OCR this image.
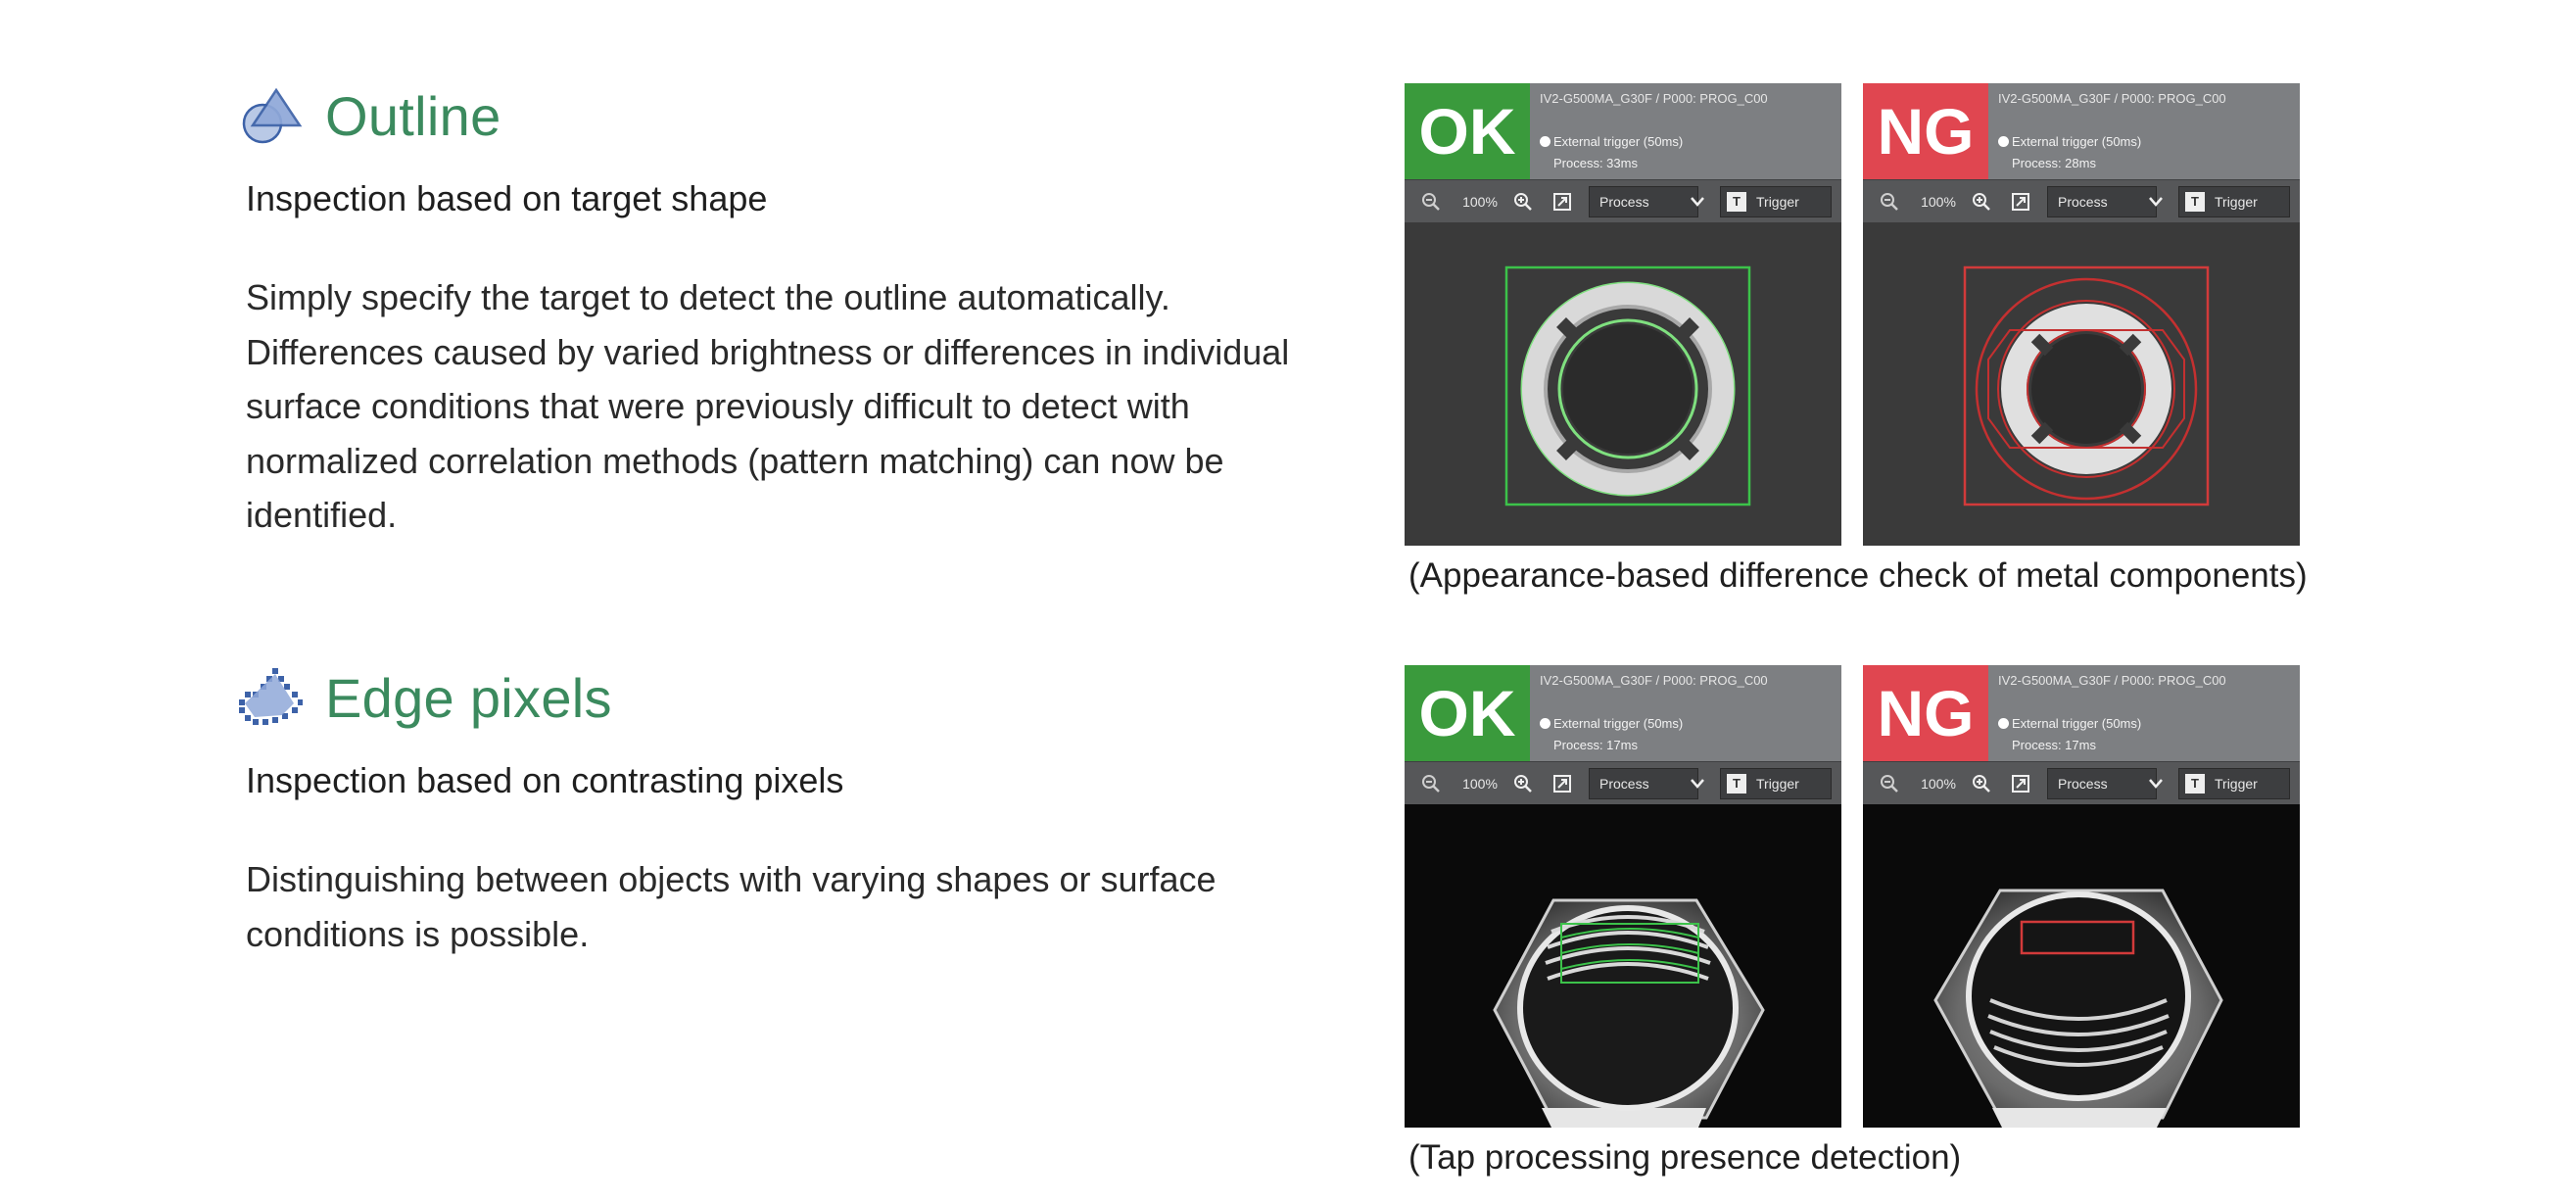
Outline
Inspection based on target shape
Simply specify the target to detect the outline automatically. Differences caused by varied brightness or differences in individual surface conditions that were previously difficult to detect with normalized correlation methods (pattern matching) can now be identified.
OK	IV2-G500MA_G30F / P000: PROG_C00
External trigger (50ms)
Process: 33ms
100%	Process	T	Trigger
NG	IV2-G500MA_G30F / P000: PROG_C00
External trigger (50ms)
Process: 28ms
100%	Process	T	Trigger
(Appearance-based difference check of metal components)
Edge pixels
Inspection based on contrasting pixels
Distinguishing between objects with varying shapes or surface conditions is possible.
OK	IV2-G500MA_G30F / P000: PROG_C00
External trigger (50ms)
Process: 17ms
100%	Process	T	Trigger
NG	IV2-G500MA_G30F / P000: PROG_C00
External trigger (50ms)
Process: 17ms
100%	Process	T	Trigger
(Tap processing presence detection)
